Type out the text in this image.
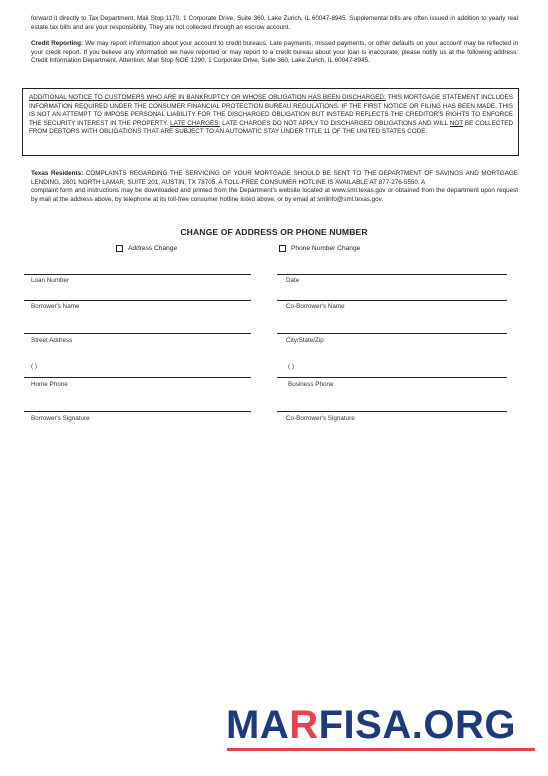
forward it directly to Tax Department, Mail Stop 1170, 1 Corporate Drive, Suite 360, Lake Zurich, IL 60047-8945. Supplemental bills are often issued in addition to yearly real estate tax bills and are your responsibility. They are not collected through an escrow account.

Credit Reporting: We may report information about your account to credit bureaus. Late payments, missed payments, or other defaults on your account may be reflected in your credit report. If you believe any information we have reported or may report to a credit bureau about your loan is inaccurate, please notify us at the following address: Credit Information Department, Attention: Mail Stop NOE 1290, 1 Corporate Drive, Suite 360, Lake Zurich, IL 60047-8945.

ADDITIONAL NOTICE TO CUSTOMERS WHO ARE IN BANKRUPTCY OR WHOSE OBLIGATION HAS BEEN DISCHARGED: THIS MORTGAGE STATEMENT INCLUDES INFORMATION REQUIRED UNDER THE CONSUMER FINANCIAL PROTECTION BUREAU REGULATIONS. IF THE FIRST NOTICE OR FILING HAS BEEN MADE, THIS IS NOT AN ATTEMPT TO IMPOSE PERSONAL LIABILITY FOR THE DISCHARGED OBLIGATION BUT INSTEAD REFLECTS THE CREDITOR'S RIGHTS TO ENFORCE THE SECURITY INTEREST IN THE PROPERTY. LATE CHARGES: LATE CHARGES DO NOT APPLY TO DISCHARGED OBLIGATIONS AND WILL NOT BE COLLECTED FROM DEBTORS WITH OBLIGATIONS THAT ARE SUBJECT TO AN AUTOMATIC STAY UNDER TITLE 11 OF THE UNITED STATES CODE.

Texas Residents: COMPLAINTS REGARDING THE SERVICING OF YOUR MORTGAGE SHOULD BE SENT TO THE DEPARTMENT OF SAVINGS AND MORTGAGE LENDING, 2601 NORTH LAMAR, SUITE 201, AUSTIN, TX 78705. A TOLL-FREE CONSUMER HOTLINE IS AVAILABLE AT 877-276-5550. A
complaint form and instructions may be downloaded and printed from the Department's website located at www.sml.texas.gov or obtained from the department upon request by mail at the address above, by telephone at its toll-free consumer hotline listed above, or by email at smlinfo@sml.texas.gov.

CHANGE OF ADDRESS OR PHONE NUMBER
Address Change	Phone Number Change
Loan Number	Date
Borrower's Name	Co-Borrower's Name
Street Address	City/State/Zip
( )	( )
Home Phone	Business Phone
Borrower's Signature	Co-Borrower's Signature
MARFISA.ORG
